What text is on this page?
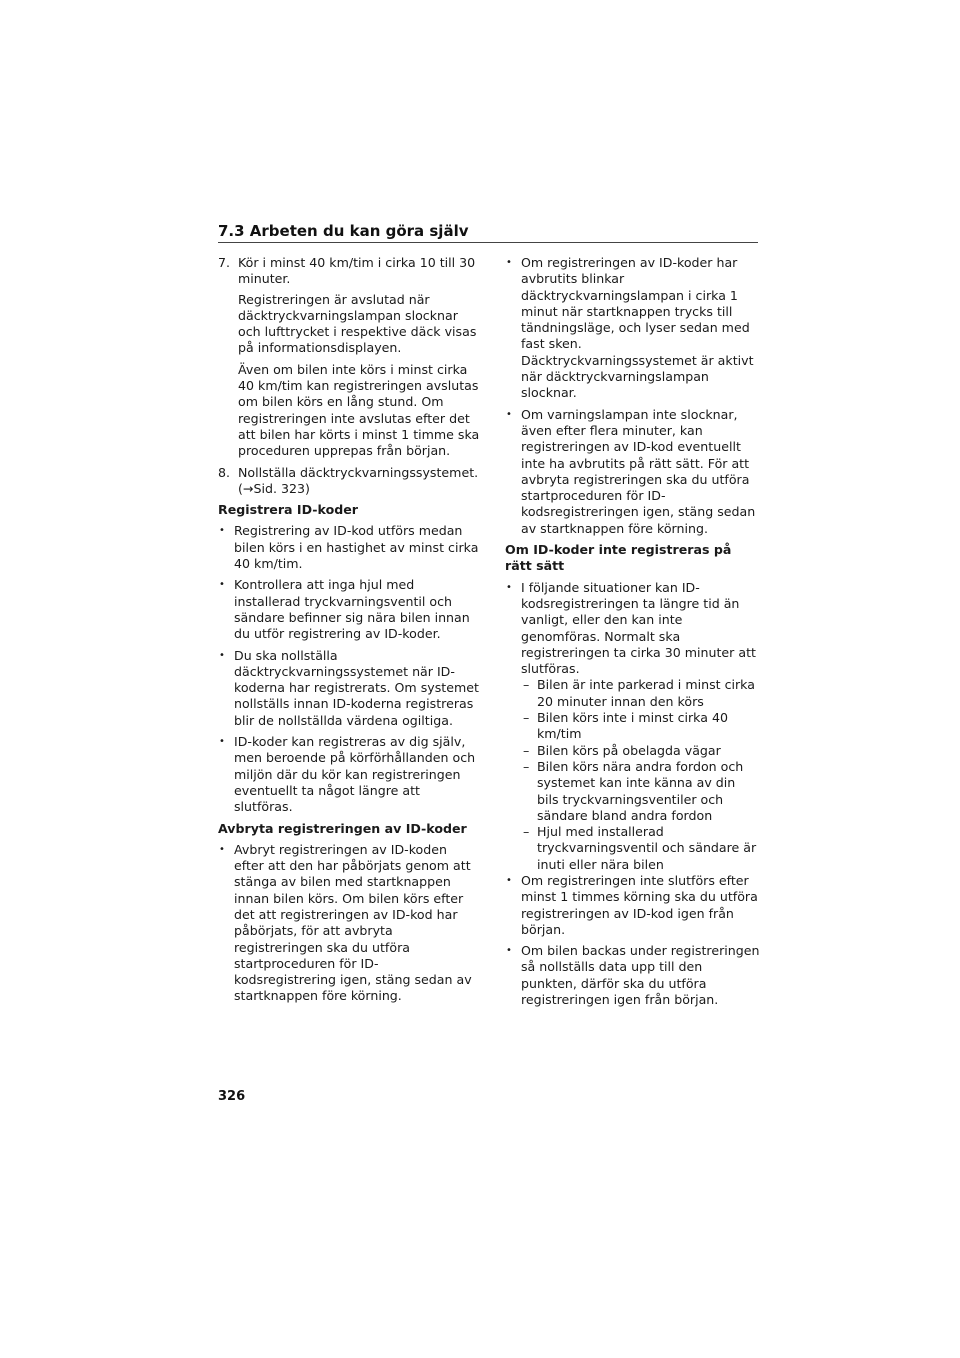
7.3 Arbeten du kan göra själv
7. Kör i minst 40 km/tim i cirka 10 till 30 minuter.

Registreringen är avslutad när däcktryckvarningslampan slocknar och lufttrycket i respektive däck visas på informationsdisplayen.

Även om bilen inte körs i minst cirka 40 km/tim kan registreringen avslutas om bilen körs en lång stund. Om registreringen inte avslutas efter det att bilen har körts i minst 1 timme ska proceduren upprepas från början.

8. Nollställa däcktryckvarningssystemet. (→Sid. 323)
Registrera ID-koder
• Registrering av ID-kod utförs medan bilen körs i en hastighet av minst cirka 40 km/tim.
• Kontrollera att inga hjul med installerad tryckvarningsventil och sändare befinner sig nära bilen innan du utför registrering av ID-koder.
• Du ska nollställa däcktryckvarningssystemet när ID-koderna har registrerats. Om systemet nollställs innan ID-koderna registreras blir de nollställda värdena ogiltiga.
• ID-koder kan registreras av dig själv, men beroende på körförhållanden och miljön där du kör kan registreringen eventuellt ta något längre att slutföras.
Avbryta registreringen av ID-koder
• Avbryt registreringen av ID-koden efter att den har påbörjats genom att stänga av bilen med startknappen innan bilen körs. Om bilen körs efter det att registreringen av ID-kod har påbörjats, för att avbryta registreringen ska du utföra startproceduren för ID-kodsregistrering igen, stäng sedan av startknappen före körning.
• Om registreringen av ID-koder har avbrutits blinkar däcktryckvarningslampan i cirka 1 minut när startknappen trycks till tändningsläge, och lyser sedan med fast sken. Däcktryckvarningssystemet är aktivt när däcktryckvarningslampan slocknar.
• Om varningslampan inte slocknar, även efter flera minuter, kan registreringen av ID-kod eventuellt inte ha avbrutits på rätt sätt. För att avbryta registreringen ska du utföra startproceduren för ID-kodsregistreringen igen, stäng sedan av startknappen före körning.
Om ID-koder inte registreras på rätt sätt
• I följande situationer kan ID-kodsregistreringen ta längre tid än vanligt, eller den kan inte genomföras. Normalt ska registreringen ta cirka 30 minuter att slutföras.
– Bilen är inte parkerad i minst cirka 20 minuter innan den körs
– Bilen körs inte i minst cirka 40 km/tim
– Bilen körs på obelagda vägar
– Bilen körs nära andra fordon och systemet kan inte känna av din bils tryckvarningsventiler och sändare bland andra fordon
– Hjul med installerad tryckvarningsventil och sändare är inuti eller nära bilen
• Om registreringen inte slutförs efter minst 1 timmes körning ska du utföra registreringen av ID-kod igen från början.
• Om bilen backas under registreringen så nollställs data upp till den punkten, därför ska du utföra registreringen igen från början.
326
